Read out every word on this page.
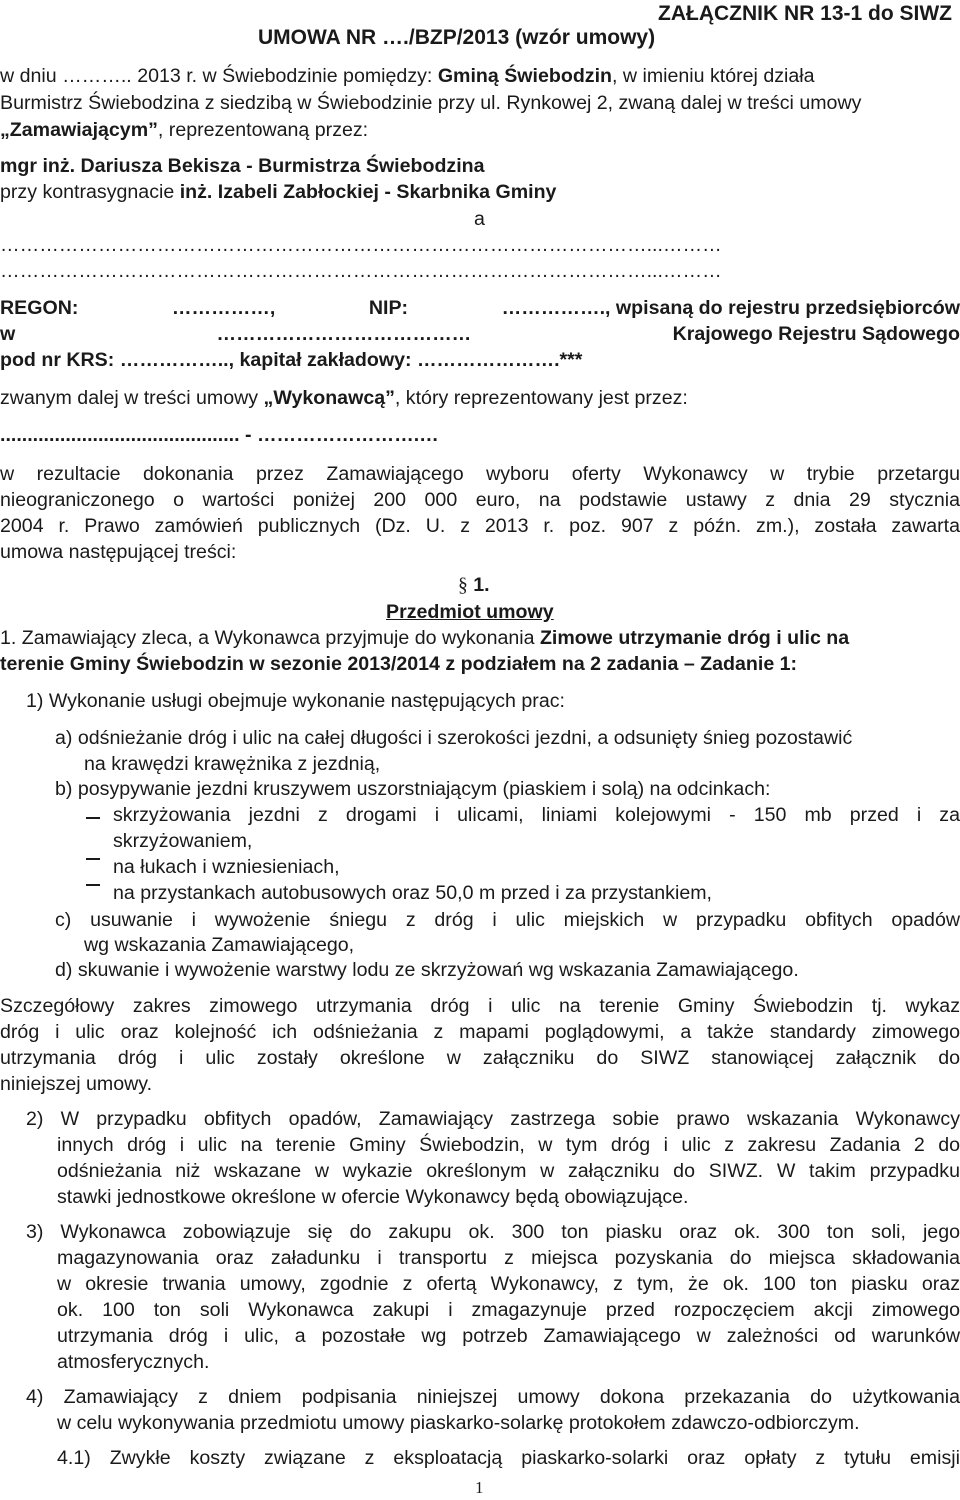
ZAŁĄCZNIK NR 13-1 do SIWZ
UMOWA NR …./BZP/2013 (wzór umowy)
w dniu ……….. 2013 r. w Świebodzinie pomiędzy: Gminą Świebodzin, w imieniu której działa
Burmistrz Świebodzina z siedzibą w Świebodzinie przy ul. Rynkowej 2, zwaną dalej w treści umowy
„Zamawiającym”, reprezentowaną przez:
mgr inż. Dariusza Bekisza - Burmistrza Świebodzina
przy kontrasygnacie inż. Izabeli Zabłockiej - Skarbnika Gminy
a
………………………………………………………………………………………...………
………………………………………………………………………………………...………
REGON:	……………,	NIP:	……………., wpisaną do rejestru przedsiębiorców
w	…………………………………	Krajowego Rejestru Sądowego
pod nr KRS: …………….., kapitał zakładowy: ………………….***
zwanym dalej w treści umowy „Wykonawcą”, który reprezentowany jest przez:
............................................ - …………………….…
w rezultacie dokonania przez Zamawiającego wyboru oferty Wykonawcy w trybie przetargu
nieograniczonego o wartości poniżej 200 000 euro, na podstawie ustawy z dnia 29 stycznia
2004 r. Prawo zamówień publicznych (Dz. U. z 2013 r. poz. 907 z późn. zm.), została zawarta
umowa następującej treści:
§ 1.
Przedmiot umowy
1. Zamawiający zleca, a Wykonawca przyjmuje do wykonania Zimowe utrzymanie dróg i ulic na
terenie Gminy Świebodzin w sezonie 2013/2014 z podziałem na 2 zadania – Zadanie 1:
1) Wykonanie usługi obejmuje wykonanie następujących prac:
a) odśnieżanie dróg i ulic na całej długości i szerokości jezdni, a odsunięty śnieg pozostawić
na krawędzi krawężnika z jezdnią,
b) posypywanie jezdni kruszywem uszorstniającym (piaskiem i solą) na odcinkach:
skrzyżowania jezdni z drogami i ulicami, liniami kolejowymi - 150 mb przed i za
skrzyżowaniem,
na łukach i wzniesieniach,
na przystankach autobusowych oraz 50,0 m przed i za przystankiem,
c) usuwanie i wywożenie śniegu z dróg i ulic miejskich w przypadku obfitych opadów
wg wskazania Zamawiającego,
d) skuwanie i wywożenie warstwy lodu ze skrzyżowań wg wskazania Zamawiającego.
Szczegółowy zakres zimowego utrzymania dróg i ulic na terenie Gminy Świebodzin tj. wykaz
dróg i ulic oraz kolejność ich odśnieżania z mapami poglądowymi, a także standardy zimowego
utrzymania dróg i ulic zostały określone w załączniku do SIWZ stanowiącej załącznik do
niniejszej umowy.
2) W przypadku obfitych opadów, Zamawiający zastrzega sobie prawo wskazania Wykonawcy
innych dróg i ulic na terenie Gminy Świebodzin, w tym dróg i ulic z zakresu Zadania 2 do
odśnieżania niż wskazane w wykazie określonym w załączniku do SIWZ. W takim przypadku
stawki jednostkowe określone w ofercie Wykonawcy będą obowiązujące.
3) Wykonawca zobowiązuje się do zakupu ok. 300 ton piasku oraz ok. 300 ton soli, jego
magazynowania oraz załadunku i transportu z miejsca pozyskania do miejsca składowania
w okresie trwania umowy, zgodnie z ofertą Wykonawcy, z tym, że ok. 100 ton piasku oraz
ok. 100 ton soli Wykonawca zakupi i zmagazynuje przed rozpoczęciem akcji zimowego
utrzymania dróg i ulic, a pozostałe wg potrzeb Zamawiającego w zależności od warunków
atmosferycznych.
4) Zamawiający z dniem podpisania niniejszej umowy dokona przekazania do użytkowania
w celu wykonywania przedmiotu umowy piaskarko-solarkę protokołem zdawczo-odbiorczym.
4.1) Zwykłe koszty związane z eksploatacją piaskarko-solarki oraz opłaty z tytułu emisji
1
